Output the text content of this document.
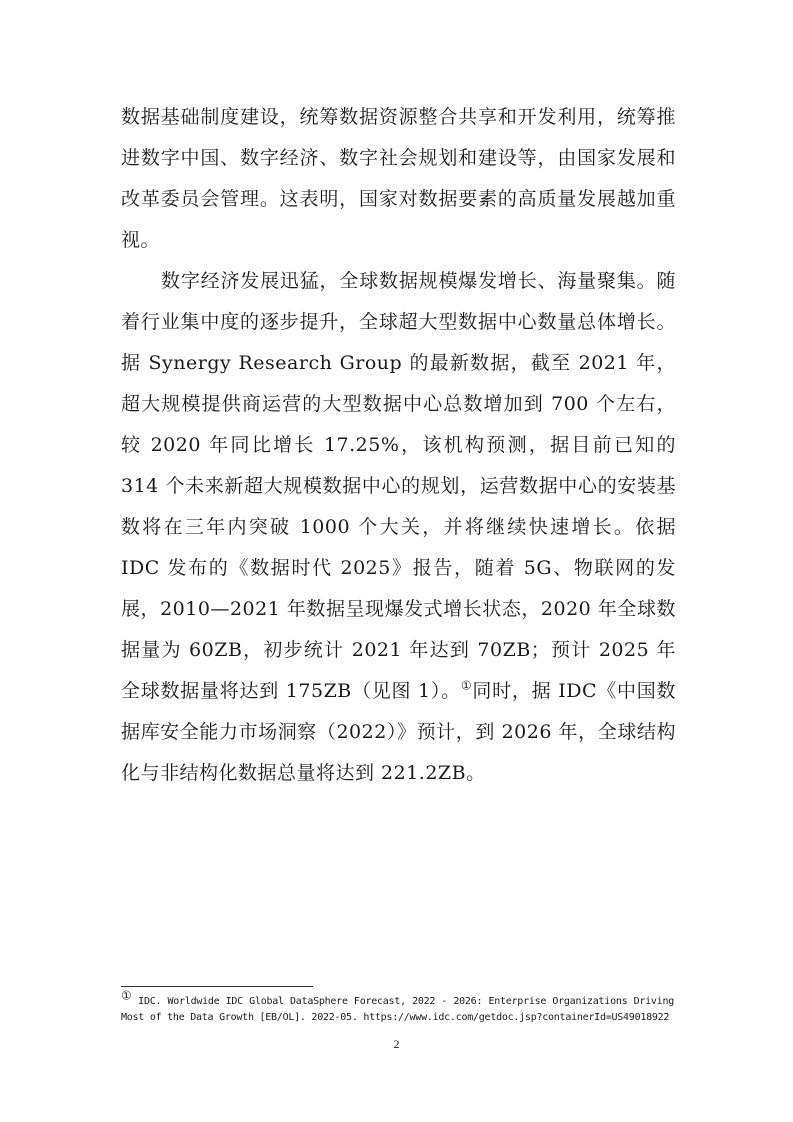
数据基础制度建设，统筹数据资源整合共享和开发利用，统筹推进数字中国、数字经济、数字社会规划和建设等，由国家发展和改革委员会管理。这表明，国家对数据要素的高质量发展越加重视。

数字经济发展迅猛，全球数据规模爆发增长、海量聚集。随着行业集中度的逐步提升，全球超大型数据中心数量总体增长。据 Synergy Research Group 的最新数据，截至 2021 年，超大规模提供商运营的大型数据中心总数增加到 700 个左右，较 2020 年同比增长 17.25%，该机构预测，据目前已知的 314 个未来新超大规模数据中心的规划，运营数据中心的安装基数将在三年内突破 1000 个大关，并将继续快速增长。依据 IDC 发布的《数据时代 2025》报告，随着 5G、物联网的发展，2010—2021 年数据呈现爆发式增长状态，2020 年全球数据量为 60ZB，初步统计 2021 年达到 70ZB；预计 2025 年全球数据量将达到 175ZB（见图 1）。①同时，据 IDC《中国数据库安全能力市场洞察（2022）》预计，到 2026 年，全球结构化与非结构化数据总量将达到 221.2ZB。

① IDC. Worldwide IDC Global DataSphere Forecast, 2022 - 2026: Enterprise Organizations Driving Most of the Data Growth [EB/OL]. 2022-05. https://www.idc.com/getdoc.jsp?containerId=US49018922

2
